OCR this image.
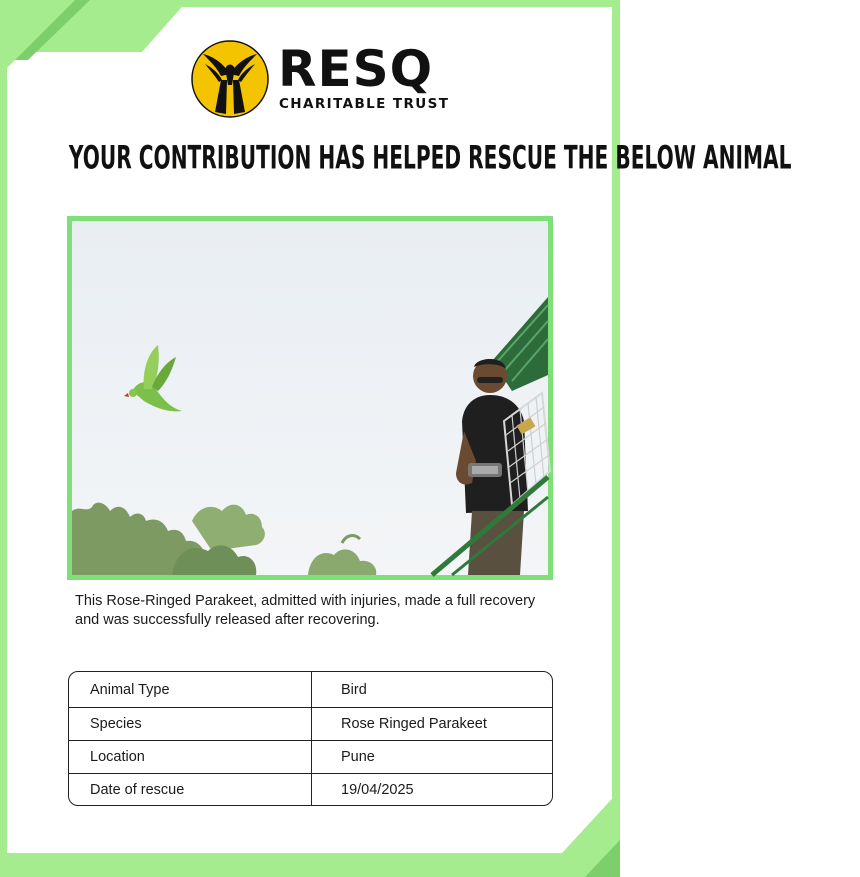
RESQ
CHARITABLE TRUST
YOUR CONTRIBUTION HAS HELPED RESCUE THE BELOW ANIMAL
This Rose-Ringed Parakeet, admitted with injuries, made a full recovery and was successfully released after recovering.
Animal Type	Bird
Species	Rose Ringed Parakeet
Location	Pune
Date of rescue	19/04/2025
